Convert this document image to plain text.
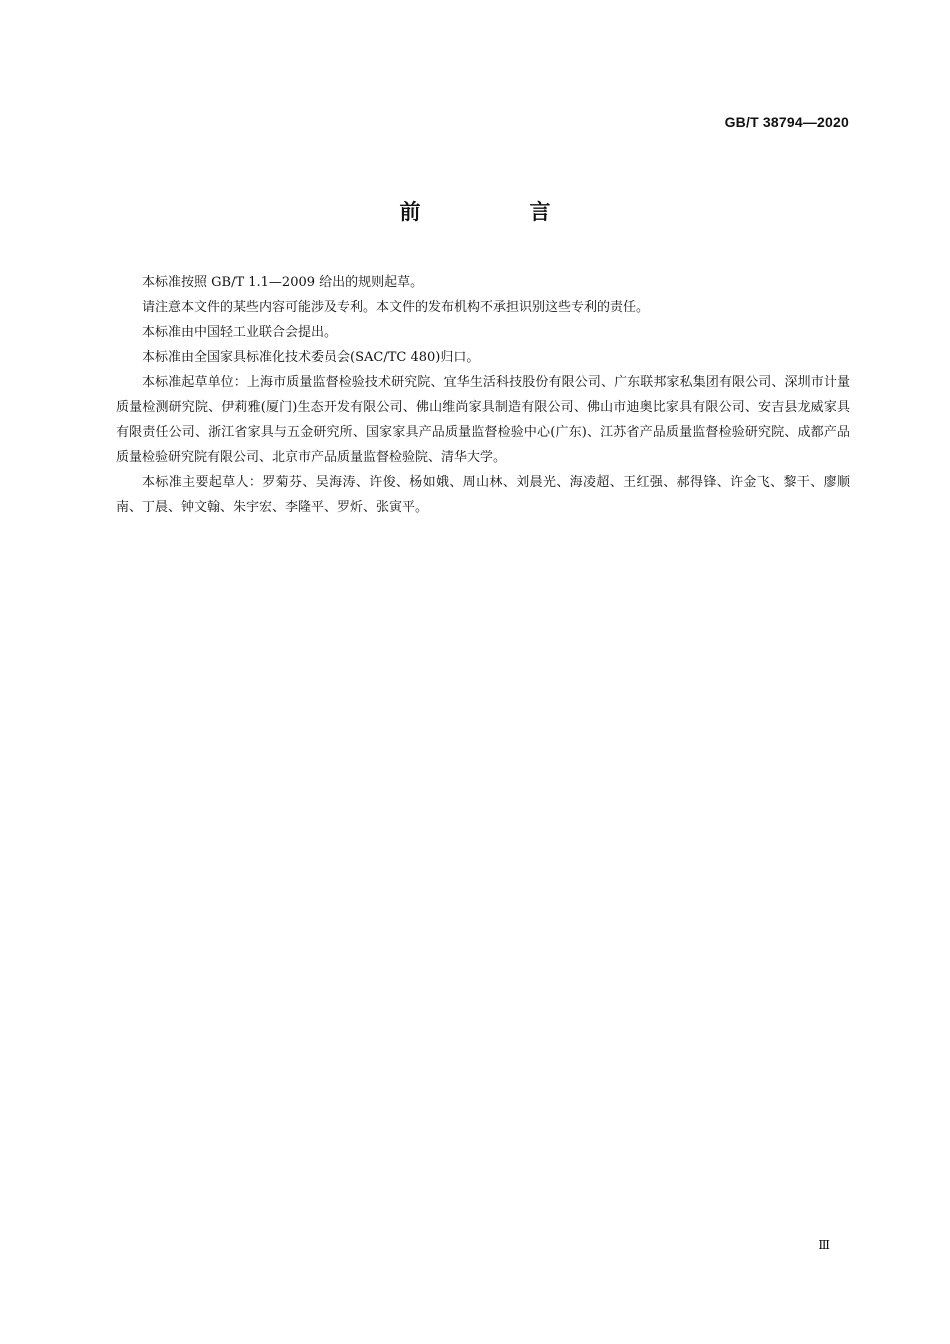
GB/T 38794—2020
前　言

本标准按照 GB/T 1.1—2009 给出的规则起草。

请注意本文件的某些内容可能涉及专利。本文件的发布机构不承担识别这些专利的责任。

本标准由中国轻工业联合会提出。

本标准由全国家具标准化技术委员会(SAC/TC 480)归口。

本标准起草单位：上海市质量监督检验技术研究院、宜华生活科技股份有限公司、广东联邦家私集团有限公司、深圳市计量质量检测研究院、伊莉雅(厦门)生态开发有限公司、佛山维尚家具制造有限公司、佛山市迪奥比家具有限公司、安吉县龙威家具有限责任公司、浙江省家具与五金研究所、国家家具产品质量监督检验中心(广东)、江苏省产品质量监督检验研究院、成都产品质量检验研究院有限公司、北京市产品质量监督检验院、清华大学。

本标准主要起草人：罗菊芬、吴海涛、许俊、杨如娥、周山林、刘晨光、海凌超、王红强、郝得锋、许金飞、黎干、廖顺南、丁晨、钟文翰、朱宇宏、李隆平、罗炘、张寅平。

Ⅲ
